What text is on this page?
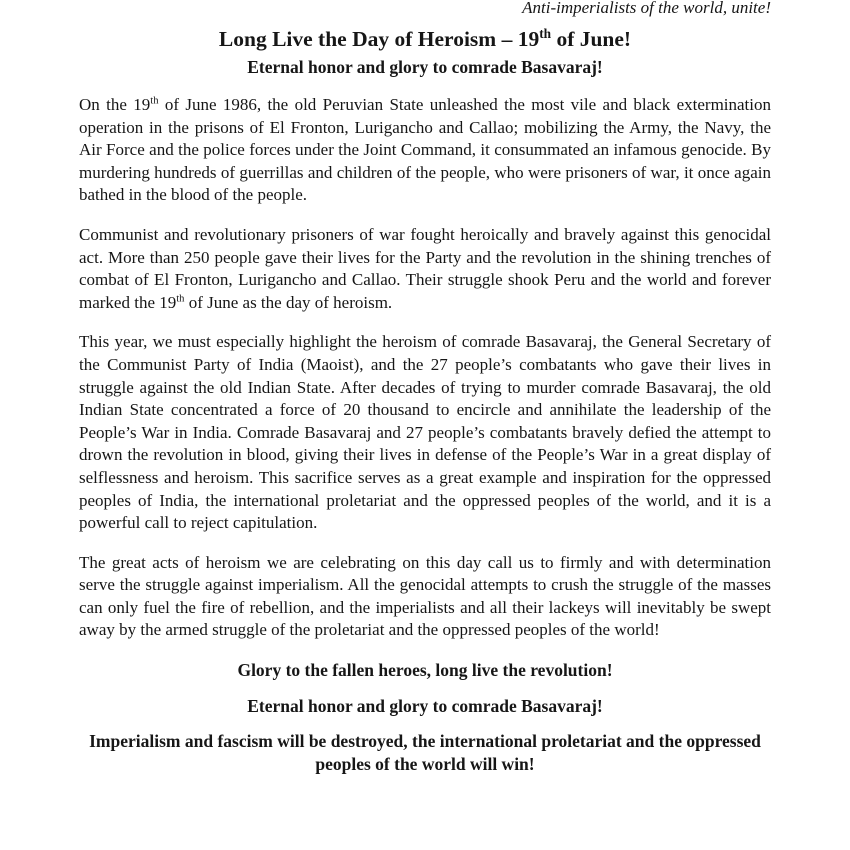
Anti-imperialists of the world, unite!
Long Live the Day of Heroism – 19th of June!
Eternal honor and glory to comrade Basavaraj!

On the 19th of June 1986, the old Peruvian State unleashed the most vile and black extermination operation in the prisons of El Fronton, Lurigancho and Callao; mobilizing the Army, the Navy, the Air Force and the police forces under the Joint Command, it consummated an infamous genocide. By murdering hundreds of guerrillas and children of the people, who were prisoners of war, it once again bathed in the blood of the people.

Communist and revolutionary prisoners of war fought heroically and bravely against this genocidal act. More than 250 people gave their lives for the Party and the revolution in the shining trenches of combat of El Fronton, Lurigancho and Callao. Their struggle shook Peru and the world and forever marked the 19th of June as the day of heroism.

This year, we must especially highlight the heroism of comrade Basavaraj, the General Secretary of the Communist Party of India (Maoist), and the 27 people’s combatants who gave their lives in struggle against the old Indian State. After decades of trying to murder comrade Basavaraj, the old Indian State concentrated a force of 20 thousand to encircle and annihilate the leadership of the People’s War in India. Comrade Basavaraj and 27 people’s combatants bravely defied the attempt to drown the revolution in blood, giving their lives in defense of the People’s War in a great display of selflessness and heroism. This sacrifice serves as a great example and inspiration for the oppressed peoples of India, the international proletariat and the oppressed peoples of the world, and it is a powerful call to reject capitulation.

The great acts of heroism we are celebrating on this day call us to firmly and with determination serve the struggle against imperialism. All the genocidal attempts to crush the struggle of the masses can only fuel the fire of rebellion, and the imperialists and all their lackeys will inevitably be swept away by the armed struggle of the proletariat and the oppressed peoples of the world!

Glory to the fallen heroes, long live the revolution!

Eternal honor and glory to comrade Basavaraj!

Imperialism and fascism will be destroyed, the international proletariat and the oppressed peoples of the world will win!
